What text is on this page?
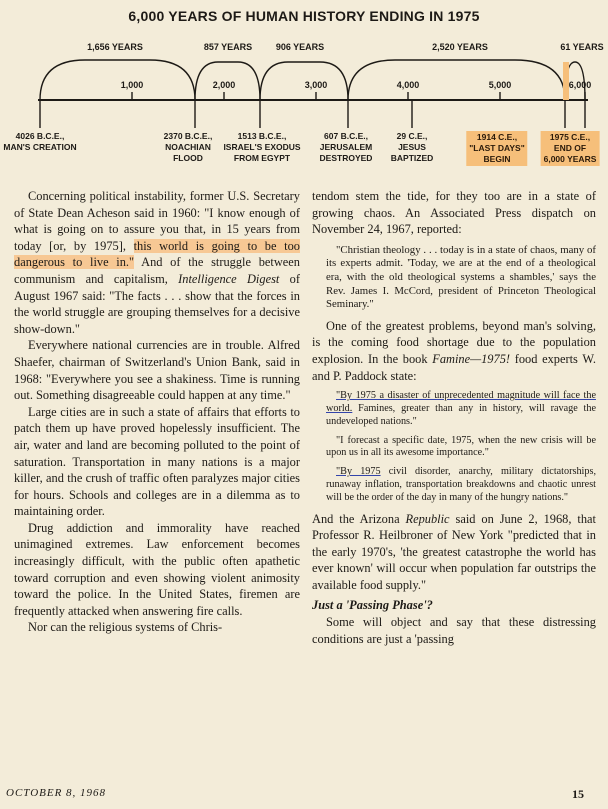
6,000 YEARS OF HUMAN HISTORY ENDING IN 1975
1,656 YEARS	857 YEARS	906 YEARS	2,520 YEARS	61 YEARS
1,000	2,000	3,000	4,000	5,000	6,000
4026 B.C.E.,
MAN'S CREATION
2370 B.C.E.,
NOACHIAN
FLOOD
1513 B.C.E.,
ISRAEL'S EXODUS
FROM EGYPT
607 B.C.E.,
JERUSALEM
DESTROYED
29 C.E.,
JESUS
BAPTIZED
1914 C.E.,
"LAST DAYS"
BEGIN
1975 C.E.,
END OF
6,000 YEARS

Concerning political instability, former U.S. Secretary of State Dean Acheson said in 1960: "I know enough of what is going on to assure you that, in 15 years from today [or, by 1975], this world is going to be too dangerous to live in." And of the struggle between communism and capitalism, Intelligence Digest of August 1967 said: "The facts . . . show that the forces in the world struggle are grouping themselves for a decisive show-down."

Everywhere national currencies are in trouble. Alfred Shaefer, chairman of Switzerland's Union Bank, said in 1968: "Everywhere you see a shakiness. Time is running out. Something disagreeable could happen at any time."

Large cities are in such a state of affairs that efforts to patch them up have proved hopelessly insufficient. The air, water and land are becoming polluted to the point of saturation. Transportation in many nations is a major killer, and the crush of traffic often paralyzes major cities for hours. Schools and colleges are in a dilemma as to maintaining order.

Drug addiction and immorality have reached unimagined extremes. Law enforcement becomes increasingly difficult, with the public often apathetic toward corruption and even showing violent animosity toward the police. In the United States, firemen are frequently attacked when answering fire calls.

Nor can the religious systems of Chris-

tendom stem the tide, for they too are in a state of growing chaos. An Associated Press dispatch on November 24, 1967, reported:

"Christian theology . . . today is in a state of chaos, many of its experts admit. 'Today, we are at the end of a theological era, with the old theological systems a shambles,' says the Rev. James I. McCord, president of Princeton Theological Seminary."

One of the greatest problems, beyond man's solving, is the coming food shortage due to the population explosion. In the book Famine—1975! food experts W. and P. Paddock state:

"By 1975 a disaster of unprecedented magnitude will face the world. Famines, greater than any in history, will ravage the undeveloped nations."
"I forecast a specific date, 1975, when the new crisis will be upon us in all its awesome importance."
"By 1975 civil disorder, anarchy, military dictatorships, runaway inflation, transportation breakdowns and chaotic unrest will be the order of the day in many of the hungry nations."

And the Arizona Republic said on June 2, 1968, that Professor R. Heilbroner of New York "predicted that in the early 1970's, 'the greatest catastrophe the world has ever known' will occur when population far outstrips the available food supply."

Just a 'Passing Phase'?

Some will object and say that these distressing conditions are just a 'passing

OCTOBER 8, 1968	15
